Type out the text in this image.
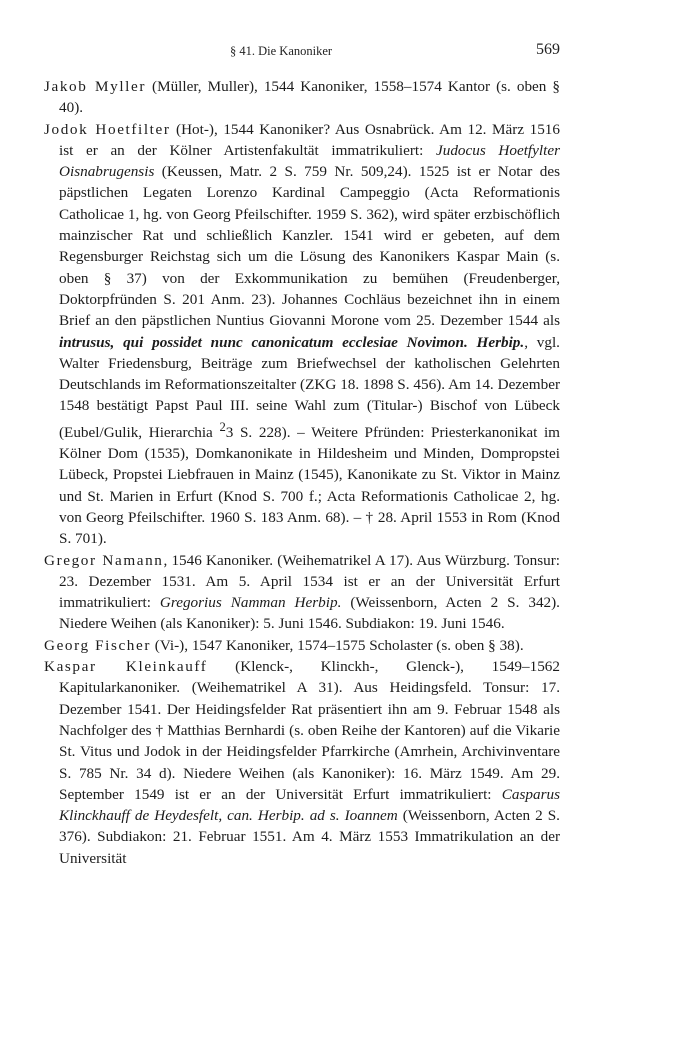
§ 41. Die Kanoniker	569

Jakob Myller (Müller, Muller), 1544 Kanoniker, 1558–1574 Kantor (s. oben § 40).

Jodok Hoetfilter (Hot-), 1544 Kanoniker? Aus Osnabrück. Am 12. März 1516 ist er an der Kölner Artistenfakultät immatrikuliert: Judocus Hoetfylter Oisnabrugensis (Keussen, Matr. 2 S. 759 Nr. 509,24). 1525 ist er Notar des päpstlichen Legaten Lorenzo Kardinal Campeggio (Acta Reformationis Catholicae 1, hg. von Georg Pfeilschifter. 1959 S. 362), wird später erzbischöflich mainzischer Rat und schließlich Kanzler. 1541 wird er gebeten, auf dem Regensburger Reichstag sich um die Lösung des Kanonikers Kaspar Main (s. oben § 37) von der Exkommunikation zu bemühen (Freudenberger, Doktorpfründen S. 201 Anm. 23). Johannes Cochläus bezeichnet ihn in einem Brief an den päpstlichen Nuntius Giovanni Morone vom 25. Dezember 1544 als intrusus, qui possidet nunc canonicatum ecclesiae Novimon. Herbip., vgl. Walter Friedensburg, Beiträge zum Briefwechsel der katholischen Gelehrten Deutschlands im Reformationszeitalter (ZKG 18. 1898 S. 456). Am 14. Dezember 1548 bestätigt Papst Paul III. seine Wahl zum (Titular-) Bischof von Lübeck (Eubel/Gulik, Hierarchia $^2$3 S. 228). – Weitere Pfründen: Priesterkanonikat im Kölner Dom (1535), Domkanonikate in Hildesheim und Minden, Dompropstei Lübeck, Propstei Liebfrauen in Mainz (1545), Kanonikate zu St. Viktor in Mainz und St. Marien in Erfurt (Knod S. 700 f.; Acta Reformationis Catholicae 2, hg. von Georg Pfeilschifter. 1960 S. 183 Anm. 68). – † 28. April 1553 in Rom (Knod S. 701).

Gregor Namann, 1546 Kanoniker. (Weihematrikel A 17). Aus Würzburg. Tonsur: 23. Dezember 1531. Am 5. April 1534 ist er an der Universität Erfurt immatrikuliert: Gregorius Namman Herbip. (Weissenborn, Acten 2 S. 342). Niedere Weihen (als Kanoniker): 5. Juni 1546. Subdiakon: 19. Juni 1546.

Georg Fischer (Vi-), 1547 Kanoniker, 1574–1575 Scholaster (s. oben § 38).

Kaspar Kleinkauff (Klenck-, Klinckh-, Glenck-), 1549–1562 Kapitularkanoniker. (Weihematrikel A 31). Aus Heidingsfeld. Tonsur: 17. Dezember 1541. Der Heidingsfelder Rat präsentiert ihn am 9. Februar 1548 als Nachfolger des † Matthias Bernhardi (s. oben Reihe der Kantoren) auf die Vikarie St. Vitus und Jodok in der Heidingsfelder Pfarrkirche (Amrhein, Archivinventare S. 785 Nr. 34 d). Niedere Weihen (als Kanoniker): 16. März 1549. Am 29. September 1549 ist er an der Universität Erfurt immatrikuliert: Casparus Klinckhauff de Heydesfelt, can. Herbip. ad s. Ioannem (Weissenborn, Acten 2 S. 376). Subdiakon: 21. Februar 1551. Am 4. März 1553 Immatrikulation an der Universität
